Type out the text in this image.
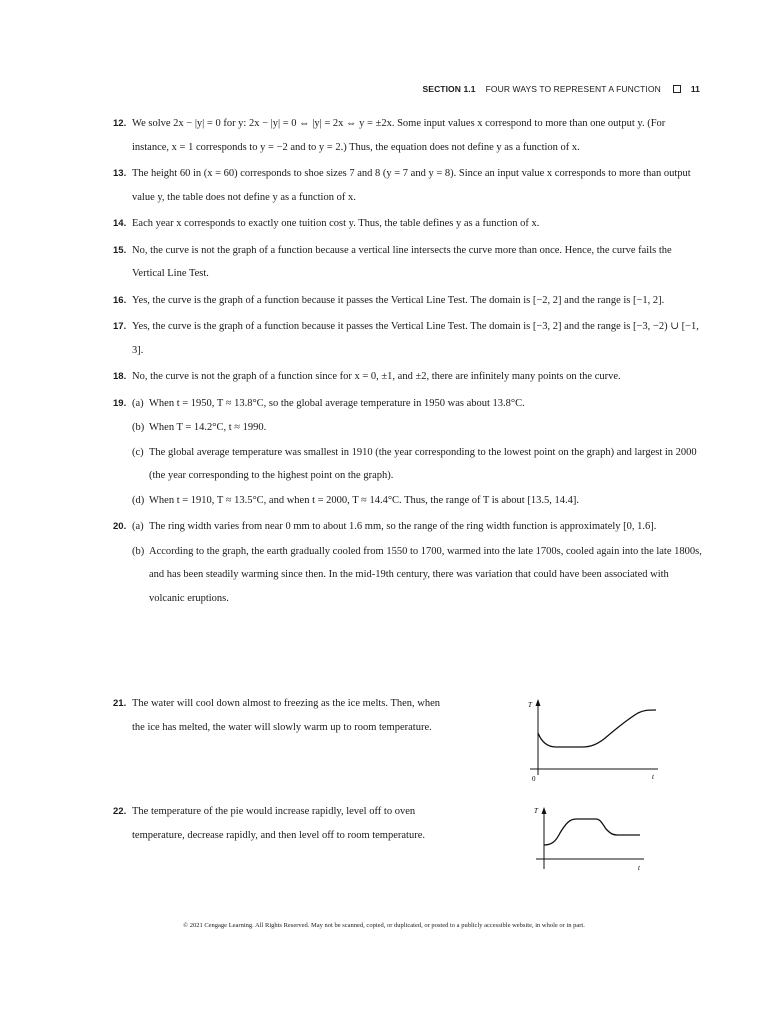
SECTION 1.1 FOUR WAYS TO REPRESENT A FUNCTION	11
12. We solve 2x − |y| = 0 for y: 2x − |y| = 0 ⇔ |y| = 2x ⇔ y = ±2x. Some input values x correspond to more than one output y. (For instance, x = 1 corresponds to y = −2 and to y = 2.) Thus, the equation does not define y as a function of x.
13. The height 60 in (x = 60) corresponds to shoe sizes 7 and 8 (y = 7 and y = 8). Since an input value x corresponds to more than output value y, the table does not define y as a function of x.
14. Each year x corresponds to exactly one tuition cost y. Thus, the table defines y as a function of x.
15. No, the curve is not the graph of a function because a vertical line intersects the curve more than once. Hence, the curve fails the Vertical Line Test.
16. Yes, the curve is the graph of a function because it passes the Vertical Line Test. The domain is [−2, 2] and the range is [−1, 2].
17. Yes, the curve is the graph of a function because it passes the Vertical Line Test. The domain is [−3, 2] and the range is [−3, −2) ∪ [−1, 3].
18. No, the curve is not the graph of a function since for x = 0, ±1, and ±2, there are infinitely many points on the curve.
19. (a) When t = 1950, T ≈ 13.8°C, so the global average temperature in 1950 was about 13.8°C.
(b) When T = 14.2°C, t ≈ 1990.
(c) The global average temperature was smallest in 1910 (the year corresponding to the lowest point on the graph) and largest in 2000 (the year corresponding to the highest point on the graph).
(d) When t = 1910, T ≈ 13.5°C, and when t = 2000, T ≈ 14.4°C. Thus, the range of T is about [13.5, 14.4].
20. (a) The ring width varies from near 0 mm to about 1.6 mm, so the range of the ring width function is approximately [0, 1.6].
(b) According to the graph, the earth gradually cooled from 1550 to 1700, warmed into the late 1700s, cooled again into the late 1800s, and has been steadily warming since then. In the mid-19th century, there was variation that could have been associated with volcanic eruptions.
21. The water will cool down almost to freezing as the ice melts. Then, when the ice has melted, the water will slowly warm up to room temperature.
T
0	t
22. The temperature of the pie would increase rapidly, level off to oven temperature, decrease rapidly, and then level off to room temperature.
T
t
© 2021 Cengage Learning. All Rights Reserved. May not be scanned, copied, or duplicated, or posted to a publicly accessible website, in whole or in part.
